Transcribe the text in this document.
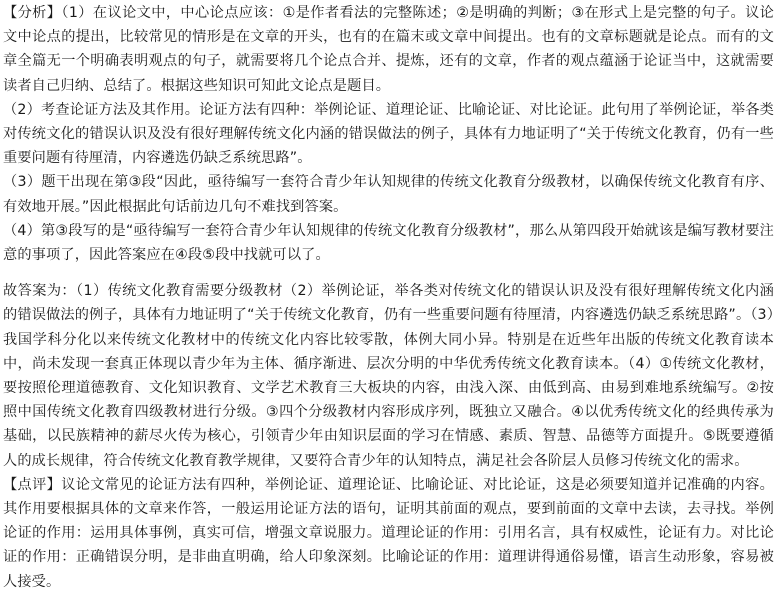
【分析】（1）在议论文中，中心论点应该：①是作者看法的完整陈述；②是明确的判断；③在形式上是完整的句子。议论文中论点的提出，比较常见的情形是在文章的开头，也有的在篇末或文章中间提出。也有的文章标题就是论点。而有的文章全篇无一个明确表明观点的句子，就需要将几个论点合并、提炼，还有的文章，作者的观点蕴涵于论证当中，这就需要读者自己归纳、总结了。根据这些知识可知此文论点是题目。

（2）考查论证方法及其作用。论证方法有四种：举例论证、道理论证、比喻论证、对比论证。此句用了举例论证，举各类对传统文化的错误认识及没有很好理解传统文化内涵的错误做法的例子，具体有力地证明了“关于传统文化教育，仍有一些重要问题有待厘清，内容遴选仍缺乏系统思路”。

（3）题干出现在第③段“因此，亟待编写一套符合青少年认知规律的传统文化教育分级教材，以确保传统文化教育有序、有效地开展。”因此根据此句话前边几句不难找到答案。

（4）第③段写的是“亟待编写一套符合青少年认知规律的传统文化教育分级教材”，那么从第四段开始就该是编写教材要注意的事项了，因此答案应在④段⑤段中找就可以了。

故答案为：（1）传统文化教育需要分级教材（2）举例论证，举各类对传统文化的错误认识及没有很好理解传统文化内涵的错误做法的例子，具体有力地证明了“关于传统文化教育，仍有一些重要问题有待厘清，内容遴选仍缺乏系统思路”。（3）我国学科分化以来传统文化教材中的传统文化内容比较零散，体例大同小异。特别是在近些年出版的传统文化教育读本中，尚未发现一套真正体现以青少年为主体、循序渐进、层次分明的中华优秀传统文化教育读本。（4）①传统文化教材，要按照伦理道德教育、文化知识教育、文学艺术教育三大板块的内容，由浅入深、由低到高、由易到难地系统编写。②按照中国传统文化教育四级教材进行分级。③四个分级教材内容形成序列，既独立又融合。④以优秀传统文化的经典传承为基础，以民族精神的薪尽火传为核心，引领青少年由知识层面的学习在情感、素质、智慧、品德等方面提升。⑤既要遵循人的成长规律，符合传统文化教育教学规律，又要符合青少年的认知特点，满足社会各阶层人员修习传统文化的需求。

【点评】议论文常见的论证方法有四种，举例论证、道理论证、比喻论证、对比论证，这是必须要知道并记准确的内容。其作用要根据具体的文章来作答，一般运用论证方法的语句，证明其前面的观点，要到前面的文章中去读，去寻找。举例论证的作用：运用具体事例，真实可信，增强文章说服力。道理论证的作用：引用名言，具有权威性，论证有力。对比论证的作用：正确错误分明，是非曲直明确，给人印象深刻。比喻论证的作用：道理讲得通俗易懂，语言生动形象，容易被人接受。
